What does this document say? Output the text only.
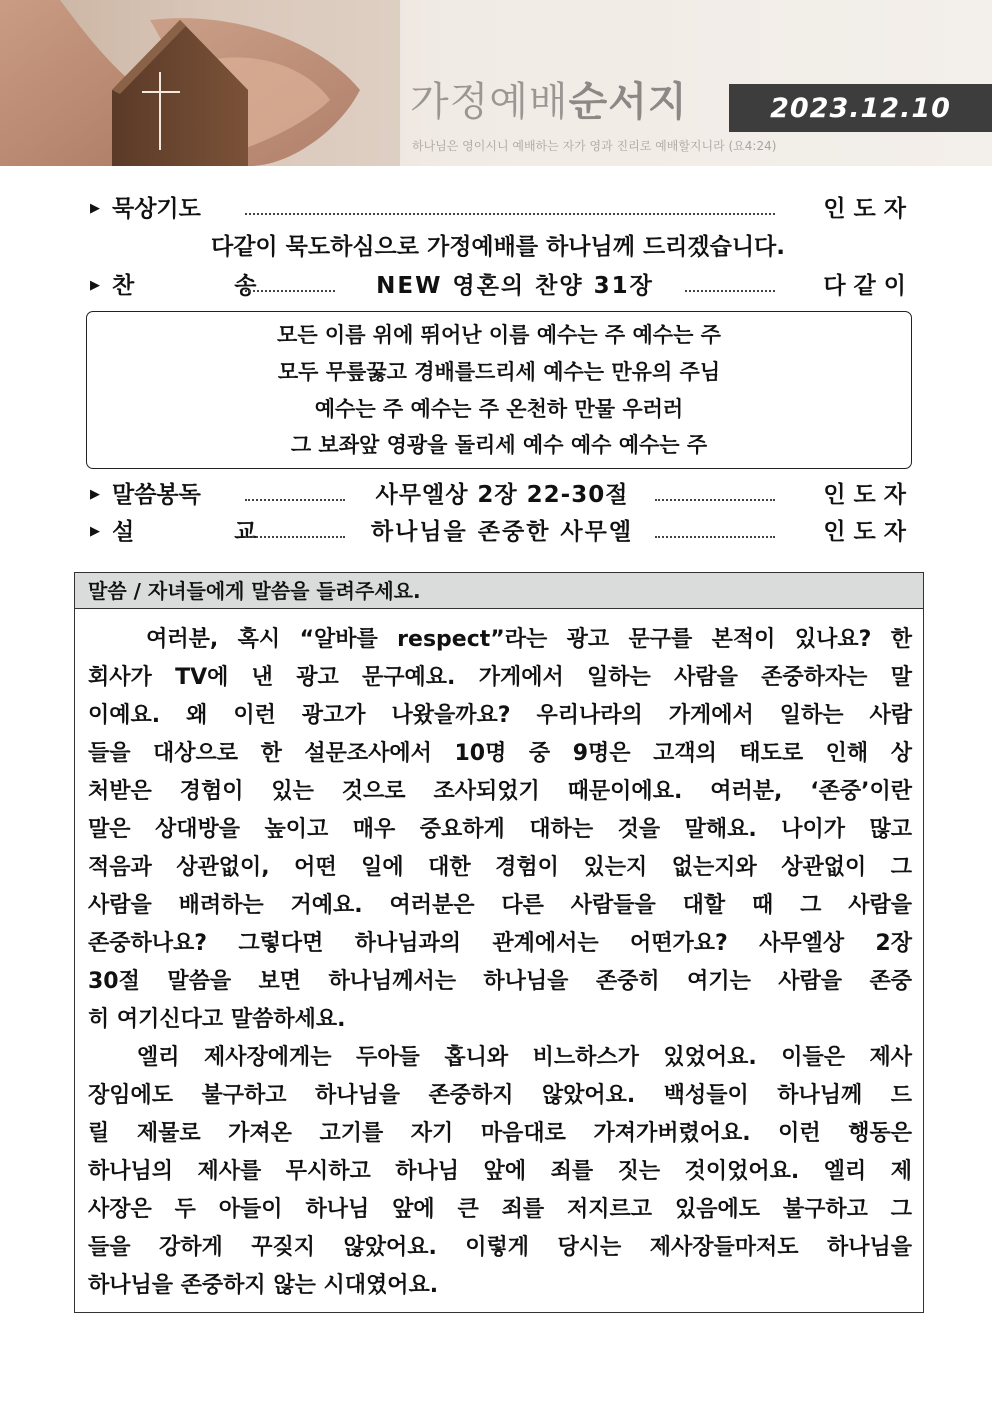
가정예배순서지	2023.12.10
하나님은 영이시니 예배하는 자가 영과 진리로 예배할지니라 (요4:24)
▶ 묵상기도	인도자
다같이 묵도하심으로 가정예배를 하나님께 드리겠습니다.
▶ 찬  송	NEW 영혼의 찬양 31장	다같이
모든 이름 위에 뛰어난 이름 예수는 주 예수는 주
모두 무릎꿇고 경배를드리세 예수는 만유의 주님
예수는 주 예수는 주 온천하 만물 우러러
그 보좌앞 영광을 돌리세 예수 예수 예수는 주
▶ 말씀봉독	사무엘상 2장 22-30절	인도자
▶ 설  교	하나님을 존중한 사무엘	인도자
말씀 / 자녀들에게 말씀을 들려주세요.
여러분, 혹시 “알바를 respect”라는 광고 문구를 본적이 있나요? 한
회사가 TV에 낸 광고 문구예요. 가게에서 일하는 사람을 존중하자는 말
이예요. 왜 이런 광고가 나왔을까요? 우리나라의 가게에서 일하는 사람
들을 대상으로 한 설문조사에서 10명 중 9명은 고객의 태도로 인해 상
처받은 경험이 있는 것으로 조사되었기 때문이에요. 여러분, ‘존중’이란
말은 상대방을 높이고 매우 중요하게 대하는 것을 말해요. 나이가 많고
적음과 상관없이, 어떤 일에 대한 경험이 있는지 없는지와 상관없이 그
사람을 배려하는 거예요. 여러분은 다른 사람들을 대할 때 그 사람을
존중하나요? 그렇다면 하나님과의 관계에서는 어떤가요? 사무엘상 2장
30절 말씀을 보면 하나님께서는 하나님을 존중히 여기는 사람을 존중
히 여기신다고 말씀하세요.
엘리 제사장에게는 두아들 홉니와 비느하스가 있었어요. 이들은 제사
장임에도 불구하고 하나님을 존중하지 않았어요. 백성들이 하나님께 드
릴 제물로 가져온 고기를 자기 마음대로 가져가버렸어요. 이런 행동은
하나님의 제사를 무시하고 하나님 앞에 죄를 짓는 것이었어요. 엘리 제
사장은 두 아들이 하나님 앞에 큰 죄를 저지르고 있음에도 불구하고 그
들을 강하게 꾸짖지 않았어요. 이렇게 당시는 제사장들마저도 하나님을
하나님을 존중하지 않는 시대였어요.
